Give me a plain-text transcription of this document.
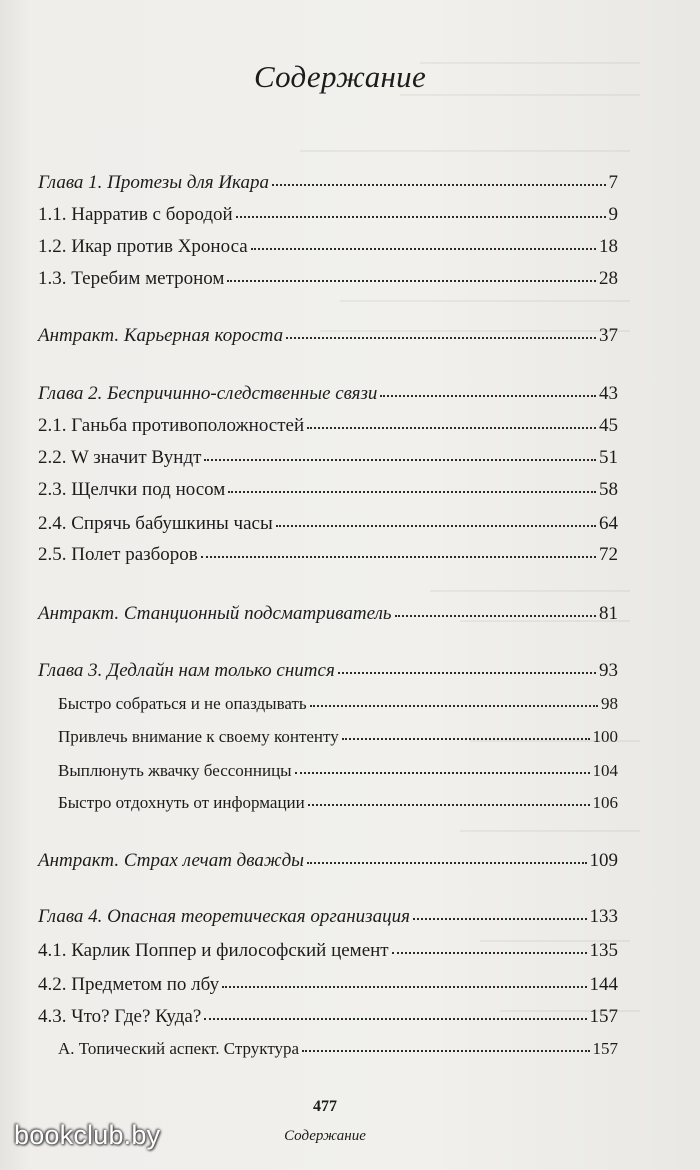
Содержание
Глава 1. Протезы для Икара	7
1.1. Нарратив с бородой	9
1.2. Икар против Хроноса	18
1.3. Теребим метроном	28
Антракт. Карьерная короста	37
Глава 2. Беспричинно-следственные связи	43
2.1. Ганьба противоположностей	45
2.2. W значит Вундт	51
2.3. Щелчки под носом	58
2.4. Спрячь бабушкины часы	64
2.5. Полет разборов	72
Антракт. Станционный подсматриватель	81
Глава 3. Дедлайн нам только снится	93
Быстро собраться и не опаздывать	98
Привлечь внимание к своему контенту	100
Выплюнуть жвачку бессонницы	104
Быстро отдохнуть от информации	106
Антракт. Страх лечат дважды	109
Глава 4. Опасная теоретическая организация	133
4.1. Карлик Поппер и философский цемент	135
4.2. Предметом по лбу	144
4.3. Что? Где? Куда?	157
А. Топический аспект. Структура	157
477
Содержание
bookclub.by
